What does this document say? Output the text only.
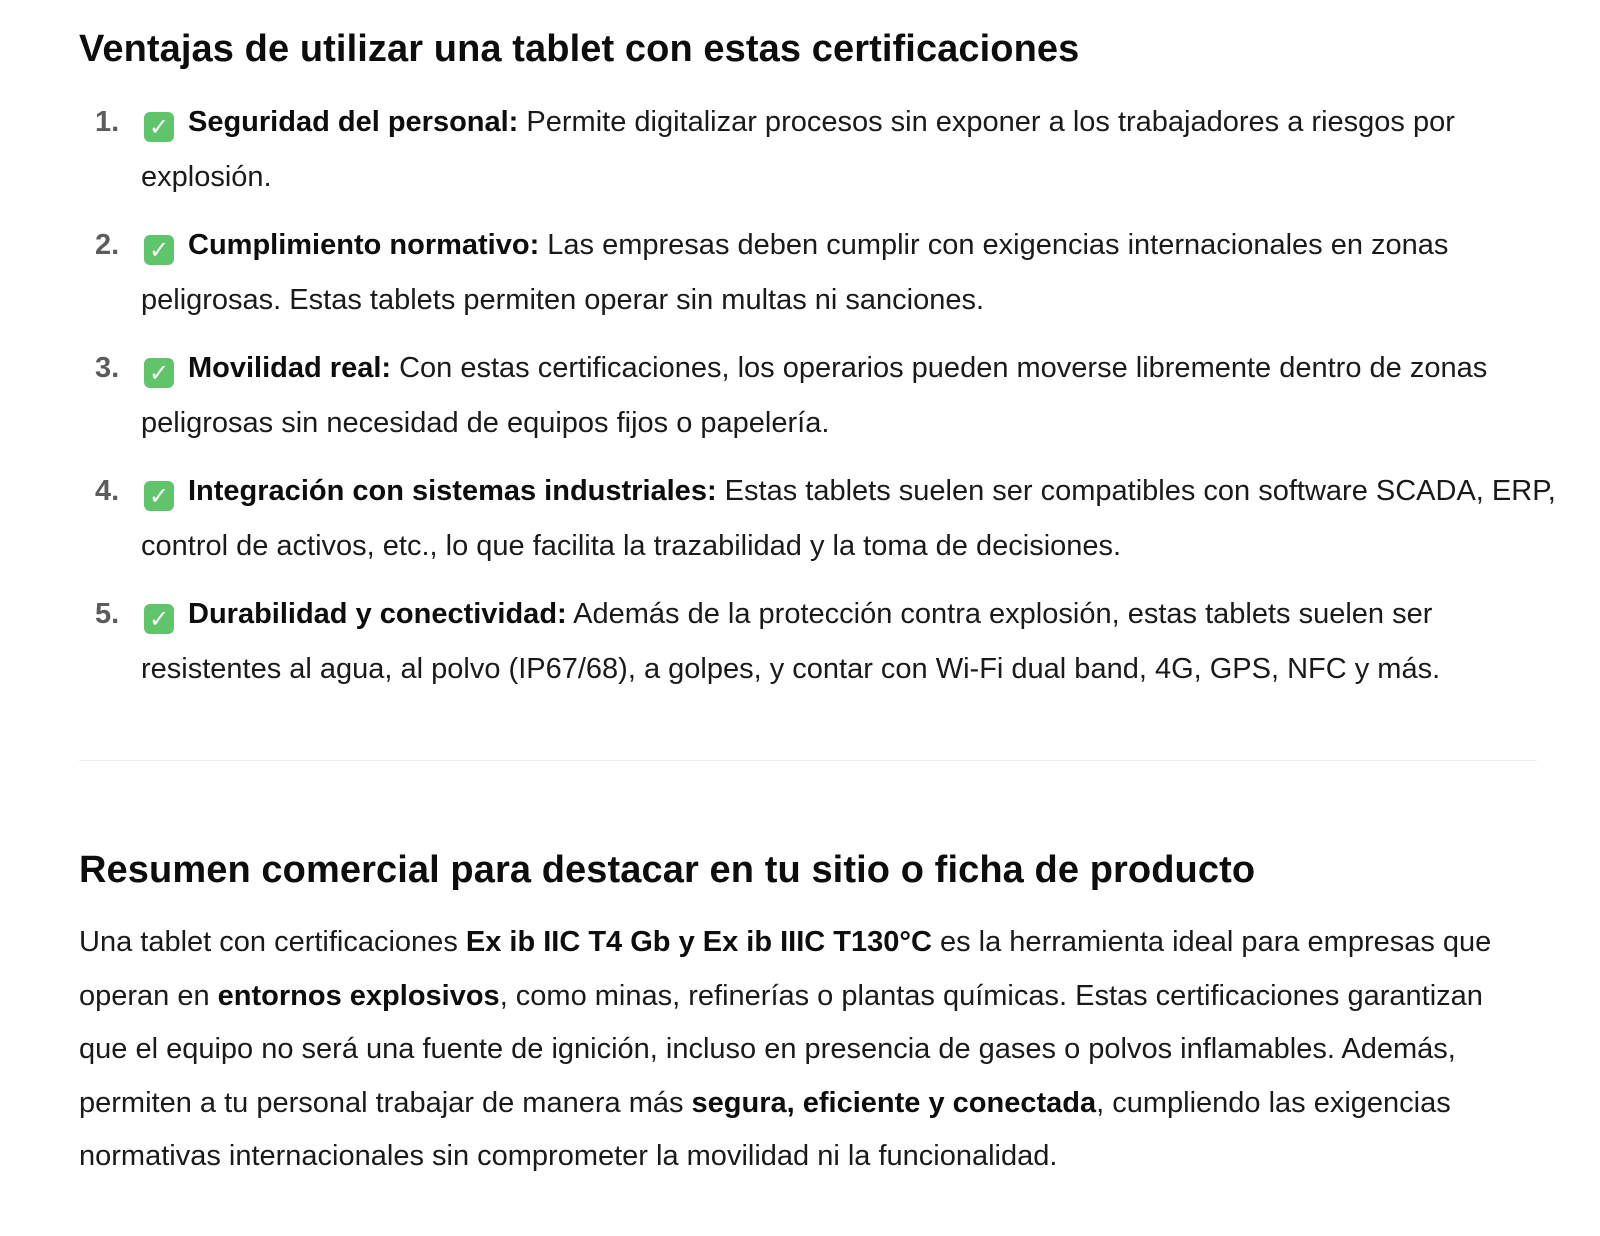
Ventajas de utilizar una tablet con estas certificaciones
1. ✓ Seguridad del personal: Permite digitalizar procesos sin exponer a los trabajadores a riesgos por explosión.
2. ✓ Cumplimiento normativo: Las empresas deben cumplir con exigencias internacionales en zonas peligrosas. Estas tablets permiten operar sin multas ni sanciones.
3. ✓ Movilidad real: Con estas certificaciones, los operarios pueden moverse libremente dentro de zonas peligrosas sin necesidad de equipos fijos o papelería.
4. ✓ Integración con sistemas industriales: Estas tablets suelen ser compatibles con software SCADA, ERP, control de activos, etc., lo que facilita la trazabilidad y la toma de decisiones.
5. ✓ Durabilidad y conectividad: Además de la protección contra explosión, estas tablets suelen ser resistentes al agua, al polvo (IP67/68), a golpes, y contar con Wi-Fi dual band, 4G, GPS, NFC y más.
Resumen comercial para destacar en tu sitio o ficha de producto

Una tablet con certificaciones Ex ib IIC T4 Gb y Ex ib IIIC T130°C es la herramienta ideal para empresas que operan en entornos explosivos, como minas, refinerías o plantas químicas. Estas certificaciones garantizan que el equipo no será una fuente de ignición, incluso en presencia de gases o polvos inflamables. Además, permiten a tu personal trabajar de manera más segura, eficiente y conectada, cumpliendo las exigencias normativas internacionales sin comprometer la movilidad ni la funcionalidad.
